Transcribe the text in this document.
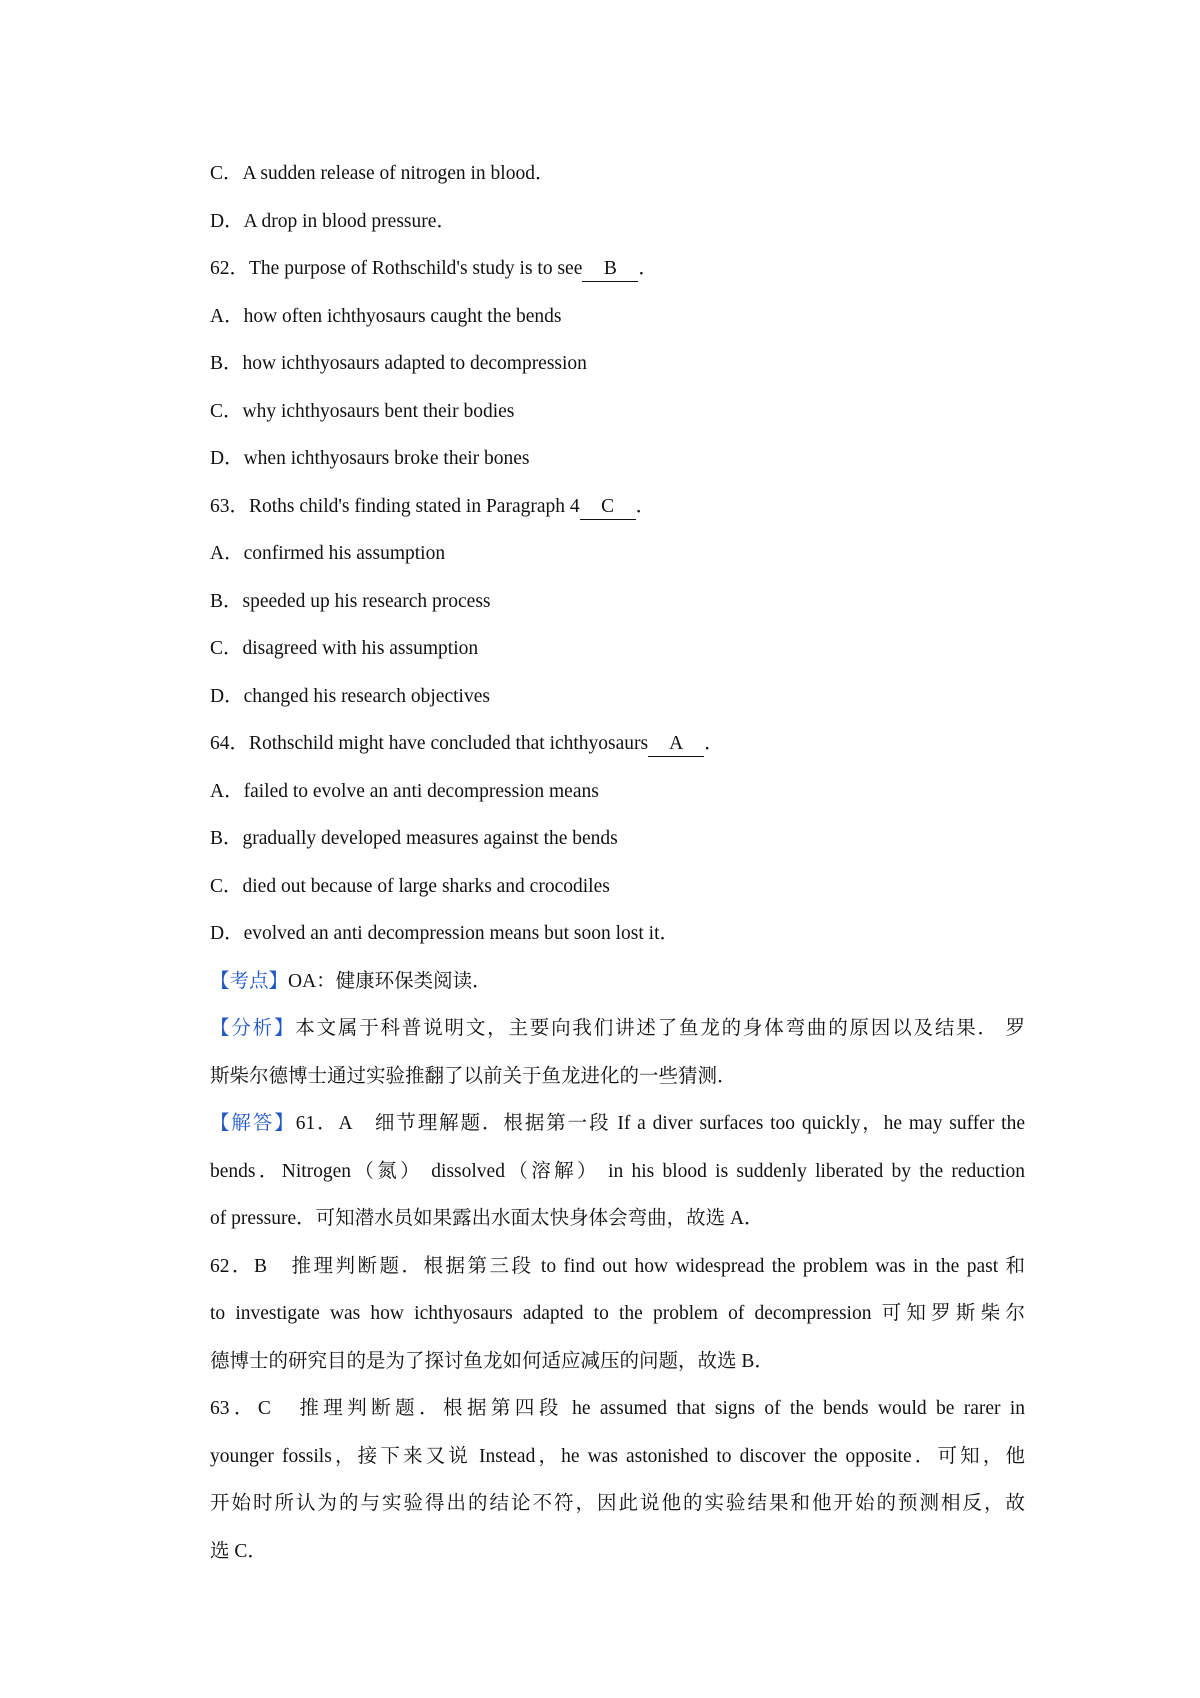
C．A sudden release of nitrogen in blood．
D．A drop in blood pressure．
62．The purpose of Rothschild's study is to see B ．
A．how often ichthyosaurs caught the bends
B．how ichthyosaurs adapted to decompression
C．why ichthyosaurs bent their bodies
D．when ichthyosaurs broke their bones
63．Roths child's finding stated in Paragraph 4 C ．
A．confirmed his assumption
B．speeded up his research process
C．disagreed with his assumption
D．changed his research objectives
64．Rothschild might have concluded that ichthyosaurs A ．
A．failed to evolve an anti decompression means
B．gradually developed measures against the bends
C．died out because of large sharks and crocodiles
D．evolved an anti decompression means but soon lost it．
【考点】OA：健康环保类阅读．
【分析】本文属于科普说明文，主要向我们讲述了鱼龙的身体弯曲的原因以及结果． 罗
斯柴尔德博士通过实验推翻了以前关于鱼龙进化的一些猜测．
【解答】61．A　细节理解题．根据第一段 If a diver surfaces too quickly，he may suffer the
bends．Nitrogen（氮） dissolved（溶解） in his blood is suddenly liberated by the reduction
of pressure．可知潜水员如果露出水面太快身体会弯曲，故选 A．
62．B　推理判断题．根据第三段 to find out how widespread the problem was in the past 和
to investigate was how ichthyosaurs adapted to the problem of decompression 可知罗斯柴尔
德博士的研究目的是为了探讨鱼龙如何适应减压的问题，故选 B．
63．C　推理判断题．根据第四段 he assumed that signs of the bends would be rarer in
younger fossils，接下来又说 Instead，he was astonished to discover the opposite．可知，他
开始时所认为的与实验得出的结论不符，因此说他的实验结果和他开始的预测相反，故
选 C．
